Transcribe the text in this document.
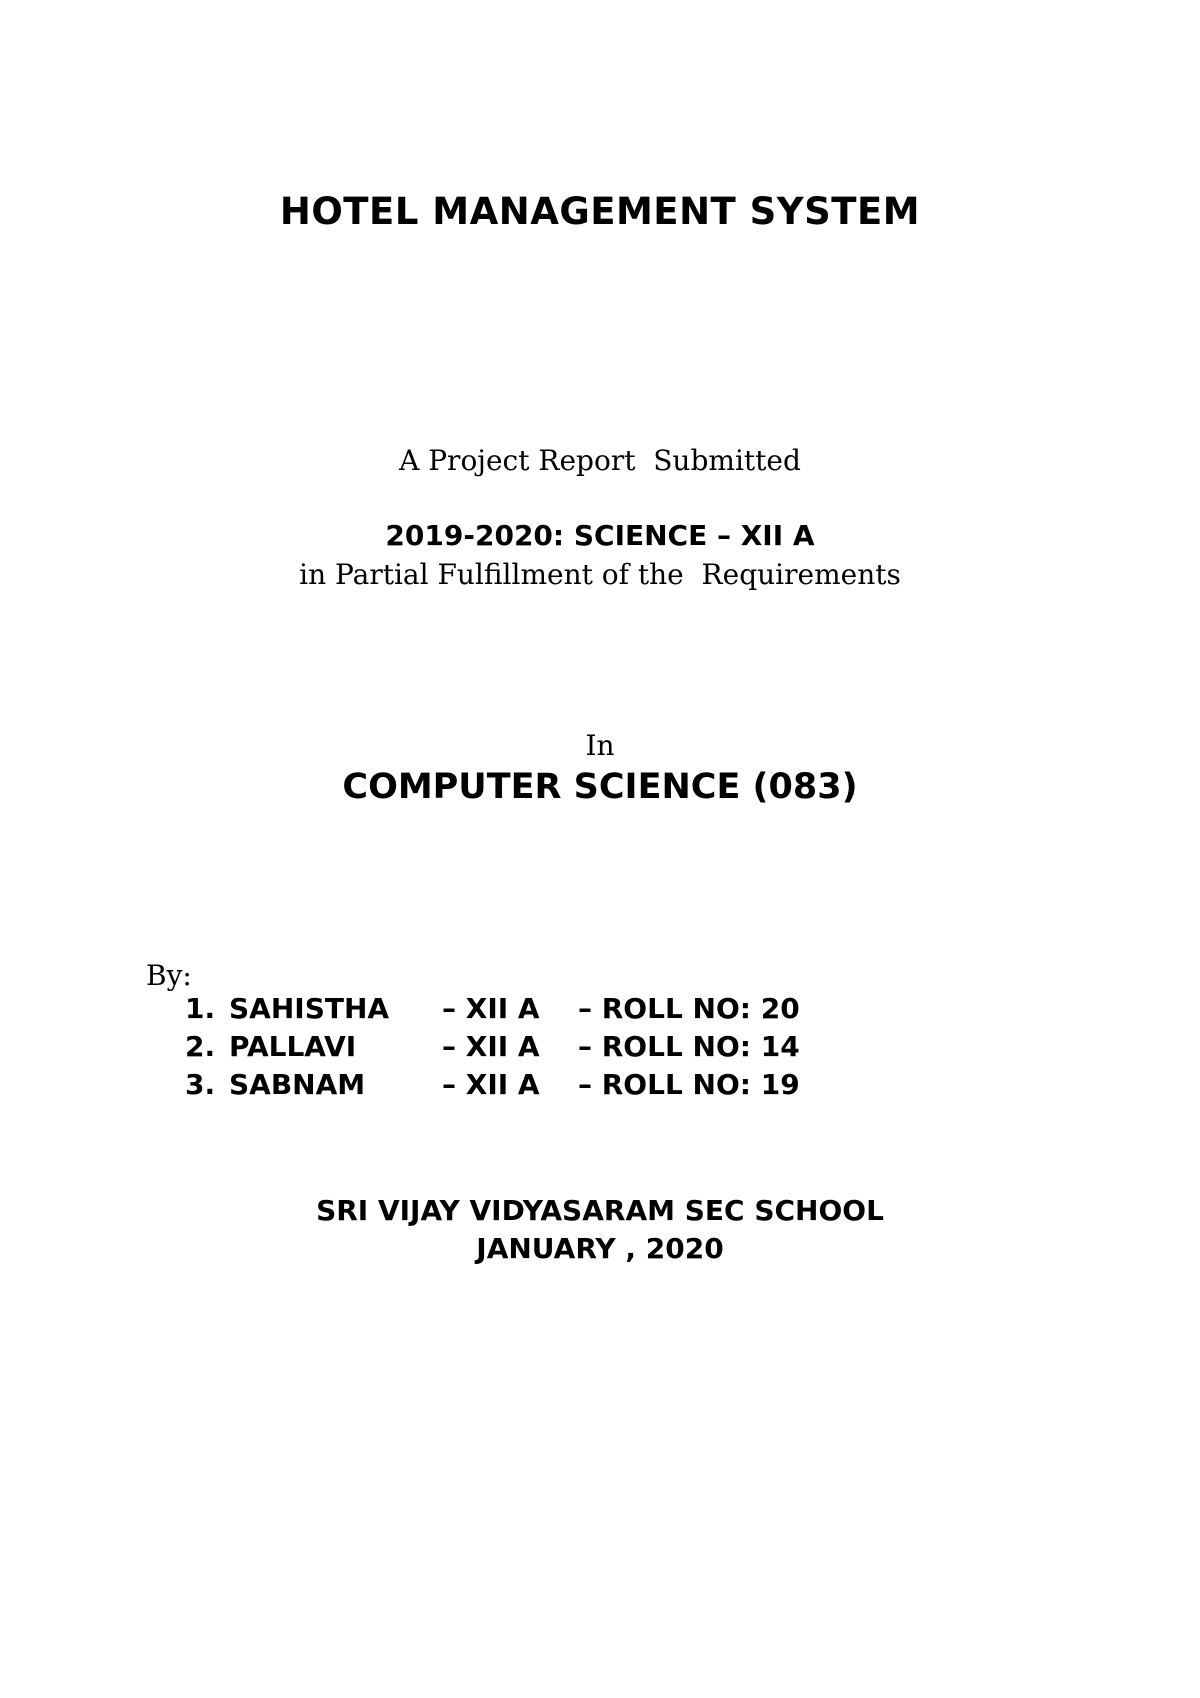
HOTEL MANAGEMENT SYSTEM

A Project Report  Submitted

in Partial Fulfillment of the  Requirements

2019-2020: SCIENCE – XII A
In
COMPUTER SCIENCE (083)
By:

1.

SAHISTHA

– XII A

– ROLL NO: 20

2.

PALLAVI

	– XII A

– ROLL NO: 14

3.

SABNAM

	– XII A

– ROLL NO: 19

SRI VIJAY VIDYASARAM SEC SCHOOL
JANUARY , 2020
